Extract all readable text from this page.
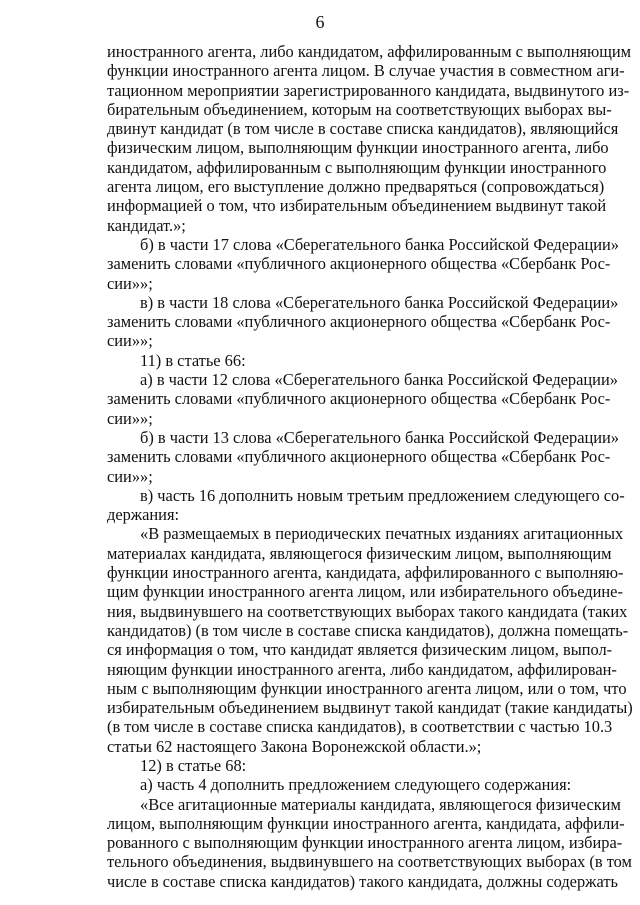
6
иностранного агента, либо кандидатом, аффилированным с выполняющим
функции иностранного агента лицом. В случае участия в совместном аги-
тационном мероприятии зарегистрированного кандидата, выдвинутого из-
бирательным объединением, которым на соответствующих выборах вы-
двинут кандидат (в том числе в составе списка кандидатов), являющийся
физическим лицом, выполняющим функции иностранного агента, либо
кандидатом, аффилированным с выполняющим функции иностранного
агента лицом, его выступление должно предваряться (сопровождаться)
информацией о том, что избирательным объединением выдвинут такой
кандидат.»;
б) в части 17 слова «Сберегательного банка Российской Федерации»
заменить словами «публичного акционерного общества «Сбербанк Рос-
сии»»;
в) в части 18 слова «Сберегательного банка Российской Федерации»
заменить словами «публичного акционерного общества «Сбербанк Рос-
сии»»;
11) в статье 66:
а) в части 12 слова «Сберегательного банка Российской Федерации»
заменить словами «публичного акционерного общества «Сбербанк Рос-
сии»»;
б) в части 13 слова «Сберегательного банка Российской Федерации»
заменить словами «публичного акционерного общества «Сбербанк Рос-
сии»»;
в) часть 16 дополнить новым третьим предложением следующего со-
держания:
«В размещаемых в периодических печатных изданиях агитационных
материалах кандидата, являющегося физическим лицом, выполняющим
функции иностранного агента, кандидата, аффилированного с выполняю-
щим функции иностранного агента лицом, или избирательного объедине-
ния, выдвинувшего на соответствующих выборах такого кандидата (таких
кандидатов) (в том числе в составе списка кандидатов), должна помещать-
ся информация о том, что кандидат является физическим лицом, выпол-
няющим функции иностранного агента, либо кандидатом, аффилирован-
ным с выполняющим функции иностранного агента лицом, или о том, что
избирательным объединением выдвинут такой кандидат (такие кандидаты)
(в том числе в составе списка кандидатов), в соответствии с частью 10.3
статьи 62 настоящего Закона Воронежской области.»;
12) в статье 68:
а) часть 4 дополнить предложением следующего содержания:
«Все агитационные материалы кандидата, являющегося физическим
лицом, выполняющим функции иностранного агента, кандидата, аффили-
рованного с выполняющим функции иностранного агента лицом, избира-
тельного объединения, выдвинувшего на соответствующих выборах (в том
числе в составе списка кандидатов) такого кандидата, должны содержать
